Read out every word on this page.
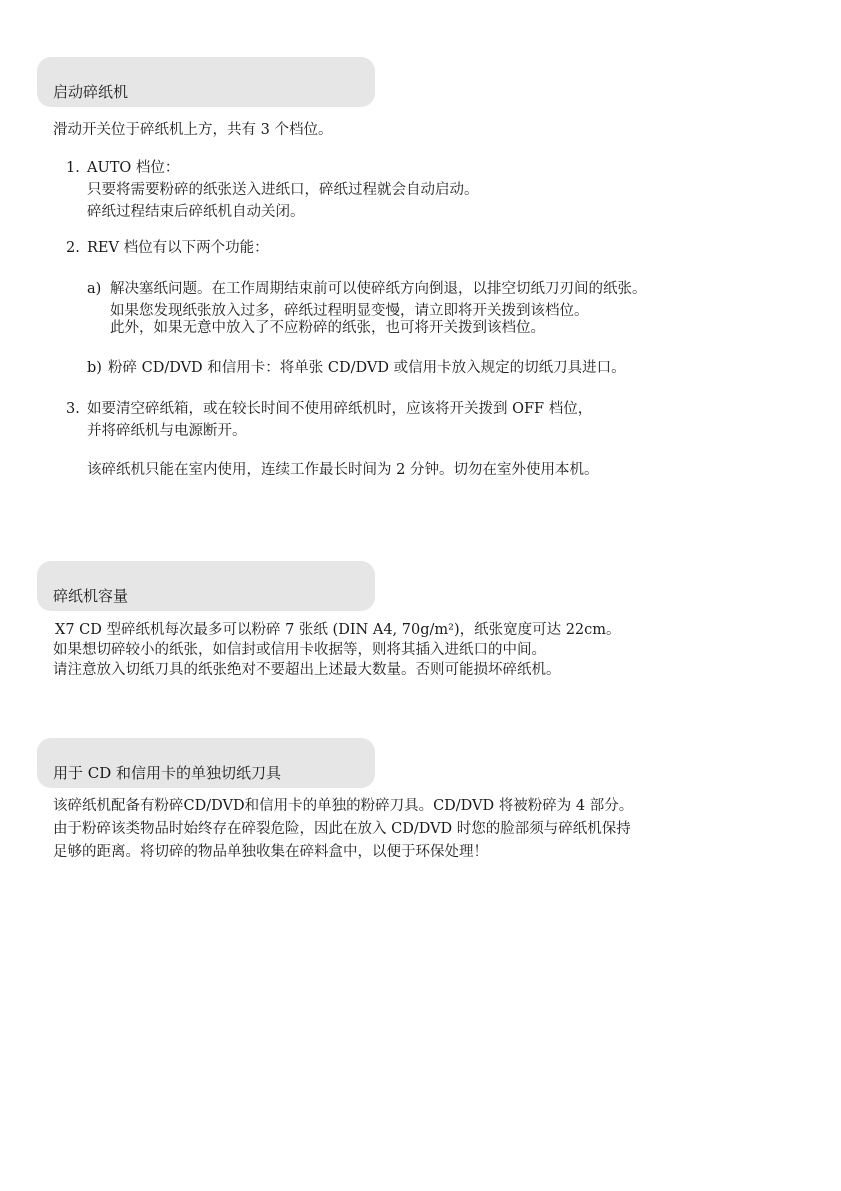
启动碎纸机
滑动开关位于碎纸机上方，共有 3 个档位。
1. AUTO 档位：
只要将需要粉碎的纸张送入进纸口，碎纸过程就会自动启动。
碎纸过程结束后碎纸机自动关闭。
2. REV 档位有以下两个功能：
a) 解决塞纸问题。在工作周期结束前可以使碎纸方向倒退，以排空切纸刀刃间的纸张。
如果您发现纸张放入过多，碎纸过程明显变慢，请立即将开关拨到该档位。
此外，如果无意中放入了不应粉碎的纸张，也可将开关拨到该档位。
b) 粉碎 CD/DVD 和信用卡：将单张 CD/DVD 或信用卡放入规定的切纸刀具进口。
3. 如要清空碎纸箱，或在较长时间不使用碎纸机时，应该将开关拨到 OFF 档位，
并将碎纸机与电源断开。
该碎纸机只能在室内使用，连续工作最长时间为 2 分钟。切勿在室外使用本机。
碎纸机容量
X7 CD 型碎纸机每次最多可以粉碎 7 张纸 (DIN A4, 70g/m²)，纸张宽度可达 22cm。
如果想切碎较小的纸张，如信封或信用卡收据等，则将其插入进纸口的中间。
请注意放入切纸刀具的纸张绝对不要超出上述最大数量。否则可能损坏碎纸机。
用于 CD 和信用卡的单独切纸刀具
该碎纸机配备有粉碎CD/DVD和信用卡的单独的粉碎刀具。CD/DVD 将被粉碎为 4 部分。
由于粉碎该类物品时始终存在碎裂危险，因此在放入 CD/DVD 时您的脸部须与碎纸机保持
足够的距离。将切碎的物品单独收集在碎料盒中，以便于环保处理！
